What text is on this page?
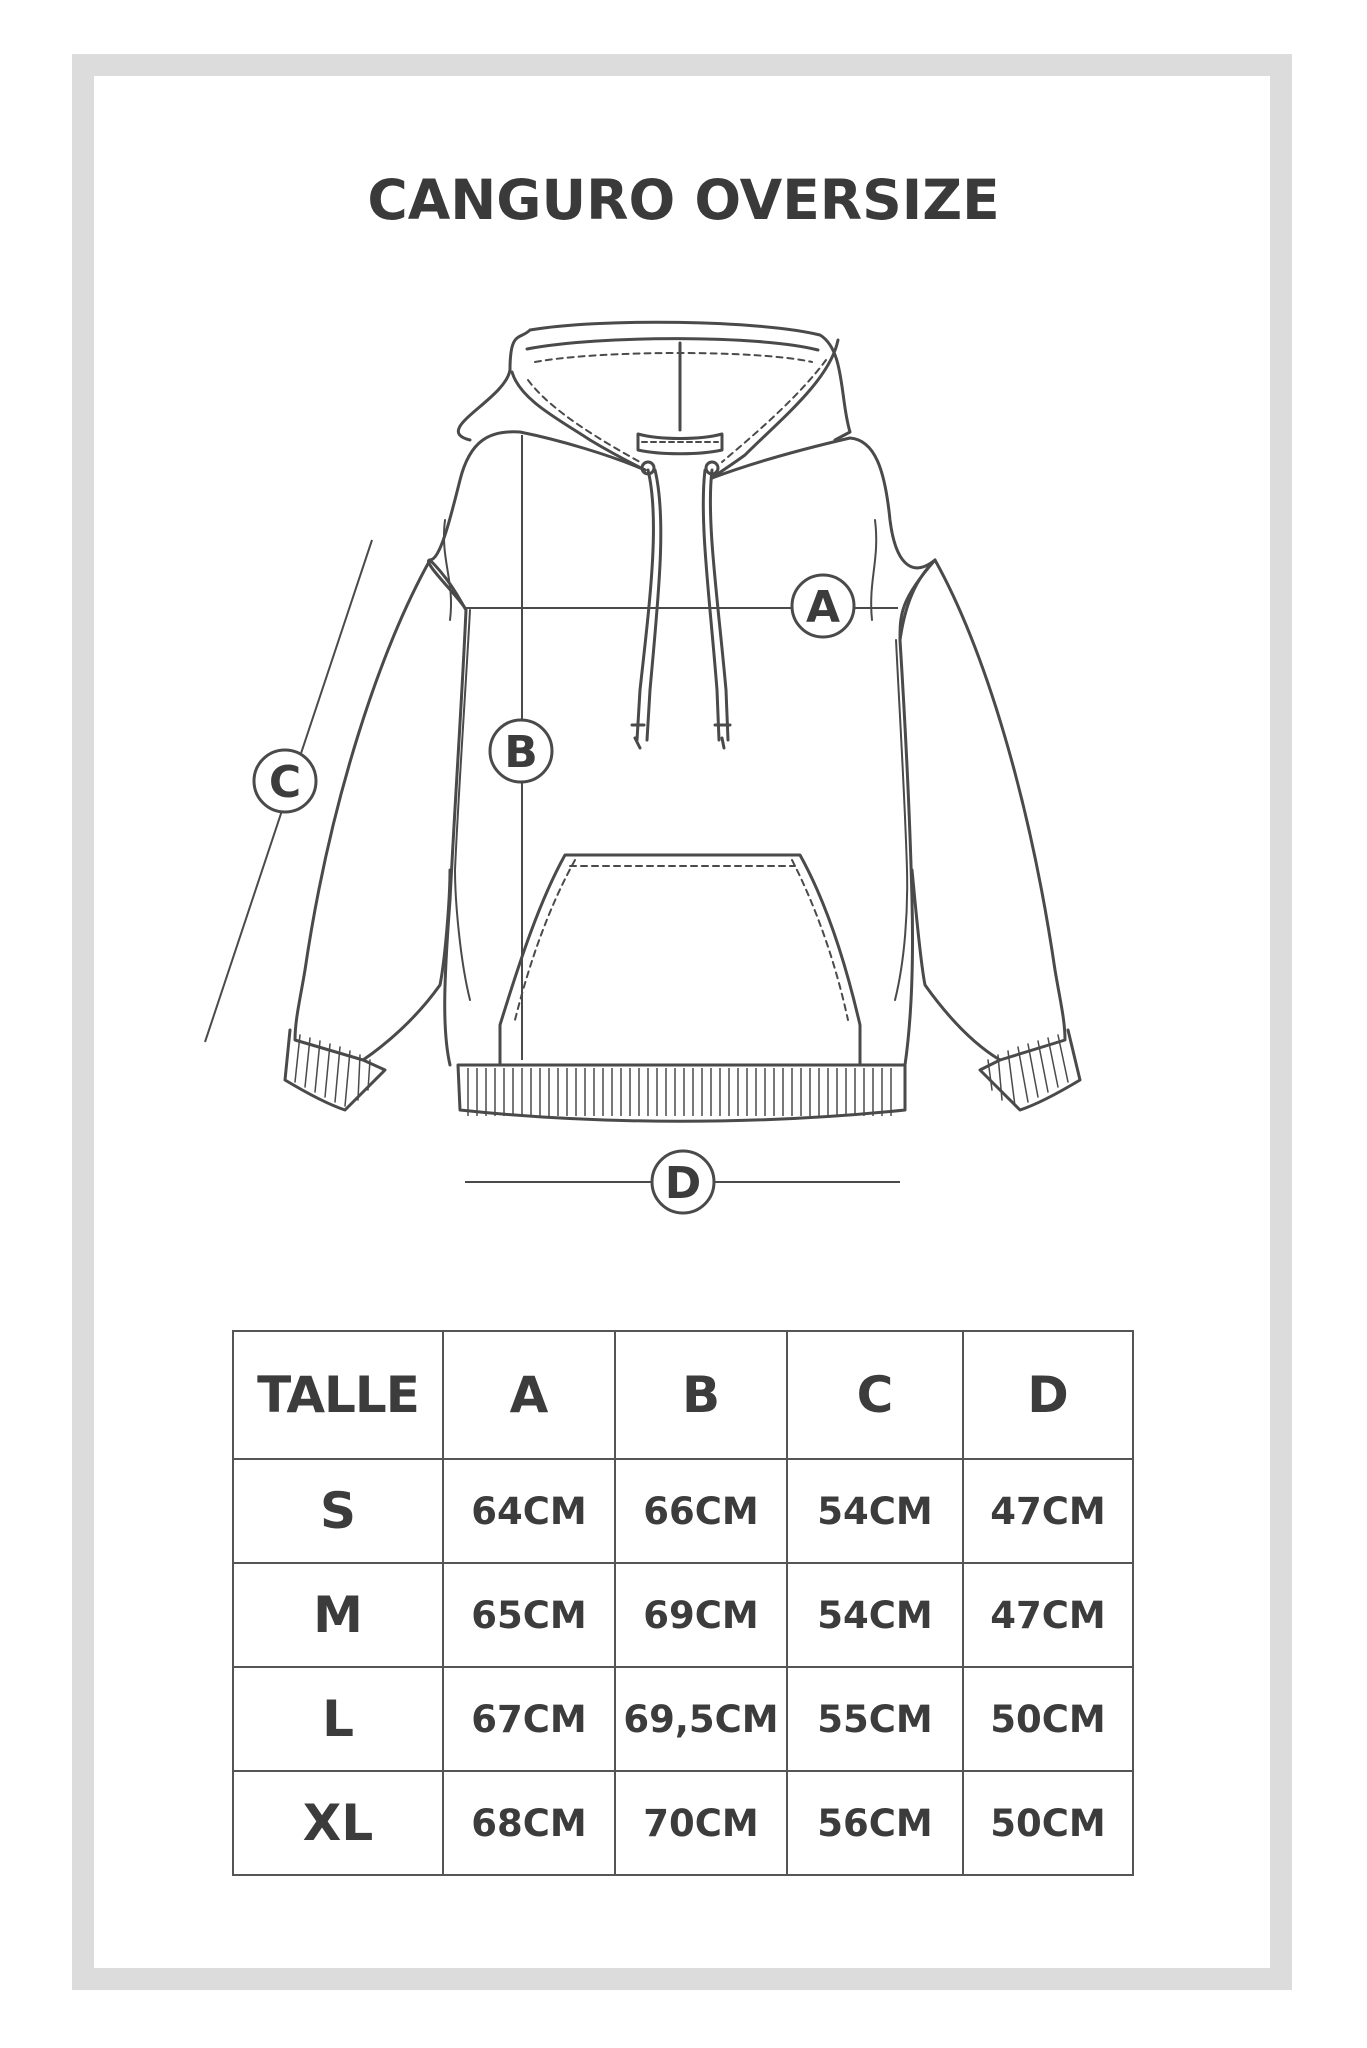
CANGURO OVERSIZE
A
B
C
D
TALLE	A	B	C	D
S	64CM	66CM	54CM	47CM
M	65CM	69CM	54CM	47CM
L	67CM	69,5CM	55CM	50CM
XL	68CM	70CM	56CM	50CM
